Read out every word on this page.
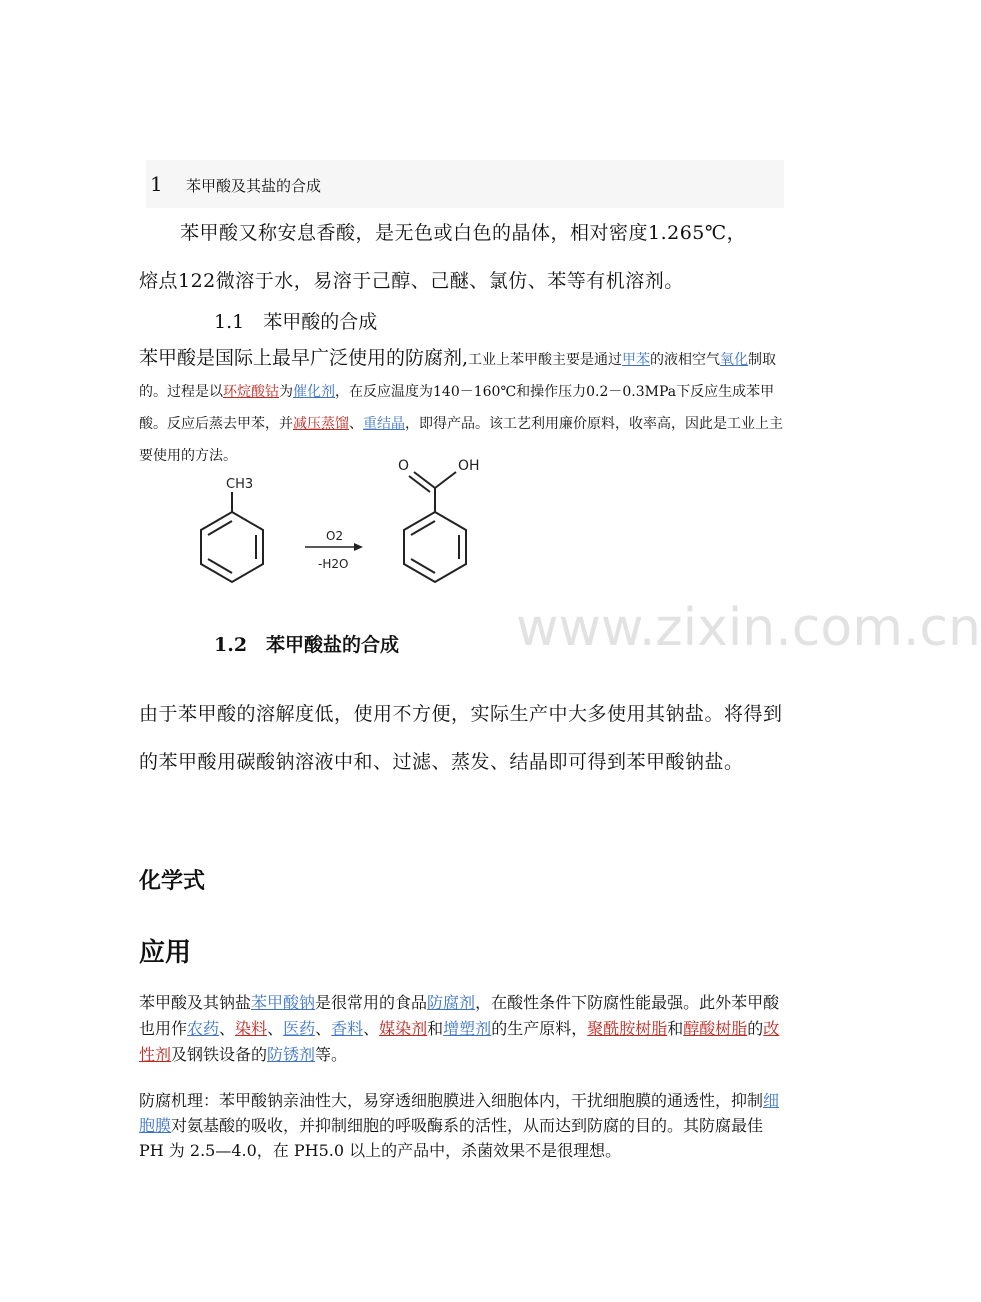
1 苯甲酸及其盐的合成
苯甲酸又称安息香酸，是无色或白色的晶体，相对密度1.265℃，
熔点122微溶于水，易溶于己醇、己醚、氯仿、苯等有机溶剂。
1.1　苯甲酸的合成
苯甲酸是国际上最早广泛使用的防腐剂,工业上苯甲酸主要是通过甲苯的液相空气氧化制取的。过程是以环烷酸钴为催化剂，在反应温度为140－160℃和操作压力0.2－0.3MPa下反应生成苯甲酸。反应后蒸去甲苯，并减压蒸馏、重结晶，即得产品。该工艺利用廉价原料，收率高，因此是工业上主要使用的方法。
CH3
O2
-H2O
O	OH
www.zixin.com.cn
1.2　苯甲酸盐的合成
由于苯甲酸的溶解度低，使用不方便，实际生产中大多使用其钠盐。将得到的苯甲酸用碳酸钠溶液中和、过滤、蒸发、结晶即可得到苯甲酸钠盐。
化学式
应用
苯甲酸及其钠盐苯甲酸钠是很常用的食品防腐剂，在酸性条件下防腐性能最强。此外苯甲酸也用作农药、染料、医药、香料、媒染剂和增塑剂的生产原料，聚酰胺树脂和醇酸树脂的改性剂及钢铁设备的防锈剂等。
防腐机理：苯甲酸钠亲油性大，易穿透细胞膜进入细胞体内，干扰细胞膜的通透性，抑制细胞膜对氨基酸的吸收，并抑制细胞的呼吸酶系的活性，从而达到防腐的目的。其防腐最佳 PH 为 2.5—4.0，在 PH5.0 以上的产品中，杀菌效果不是很理想。
